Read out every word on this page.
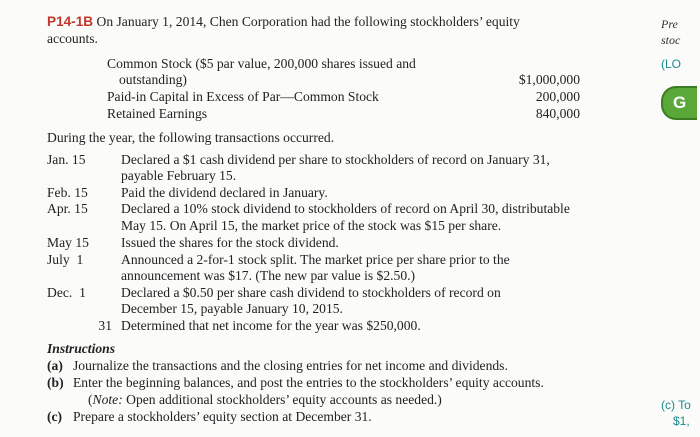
P14-1B On January 1, 2014, Chen Corporation had the following stockholders’ equity
accounts.
Common Stock ($5 par value, 200,000 shares issued and
outstanding)	$1,000,000
Paid-in Capital in Excess of Par—Common Stock	200,000
Retained Earnings	840,000
During the year, the following transactions occurred.
Jan. 15	Declared a $1 cash dividend per share to stockholders of record on January 31,
payable February 15.
Feb. 15 Paid the dividend declared in January.
Apr. 15 Declared a 10% stock dividend to stockholders of record on April 30, distributable
May 15. On April 15, the market price of the stock was $15 per share.
May 15 Issued the shares for the stock dividend.
July  1	Announced a 2-for-1 stock split. The market price per share prior to the
announcement was $17. (The new par value is $2.50.)
Dec.  1	Declared a $0.50 per share cash dividend to stockholders of record on
December 15, payable January 10, 2015.
31 Determined that net income for the year was $250,000.
Instructions
(a) Journalize the transactions and the closing entries for net income and dividends.
(b) Enter the beginning balances, and post the entries to the stockholders’ equity accounts.
(Note: Open additional stockholders’ equity accounts as needed.)
(c) Prepare a stockholders’ equity section at December 31.
Pre
stoc
(LO
G
(c) To
$1,
